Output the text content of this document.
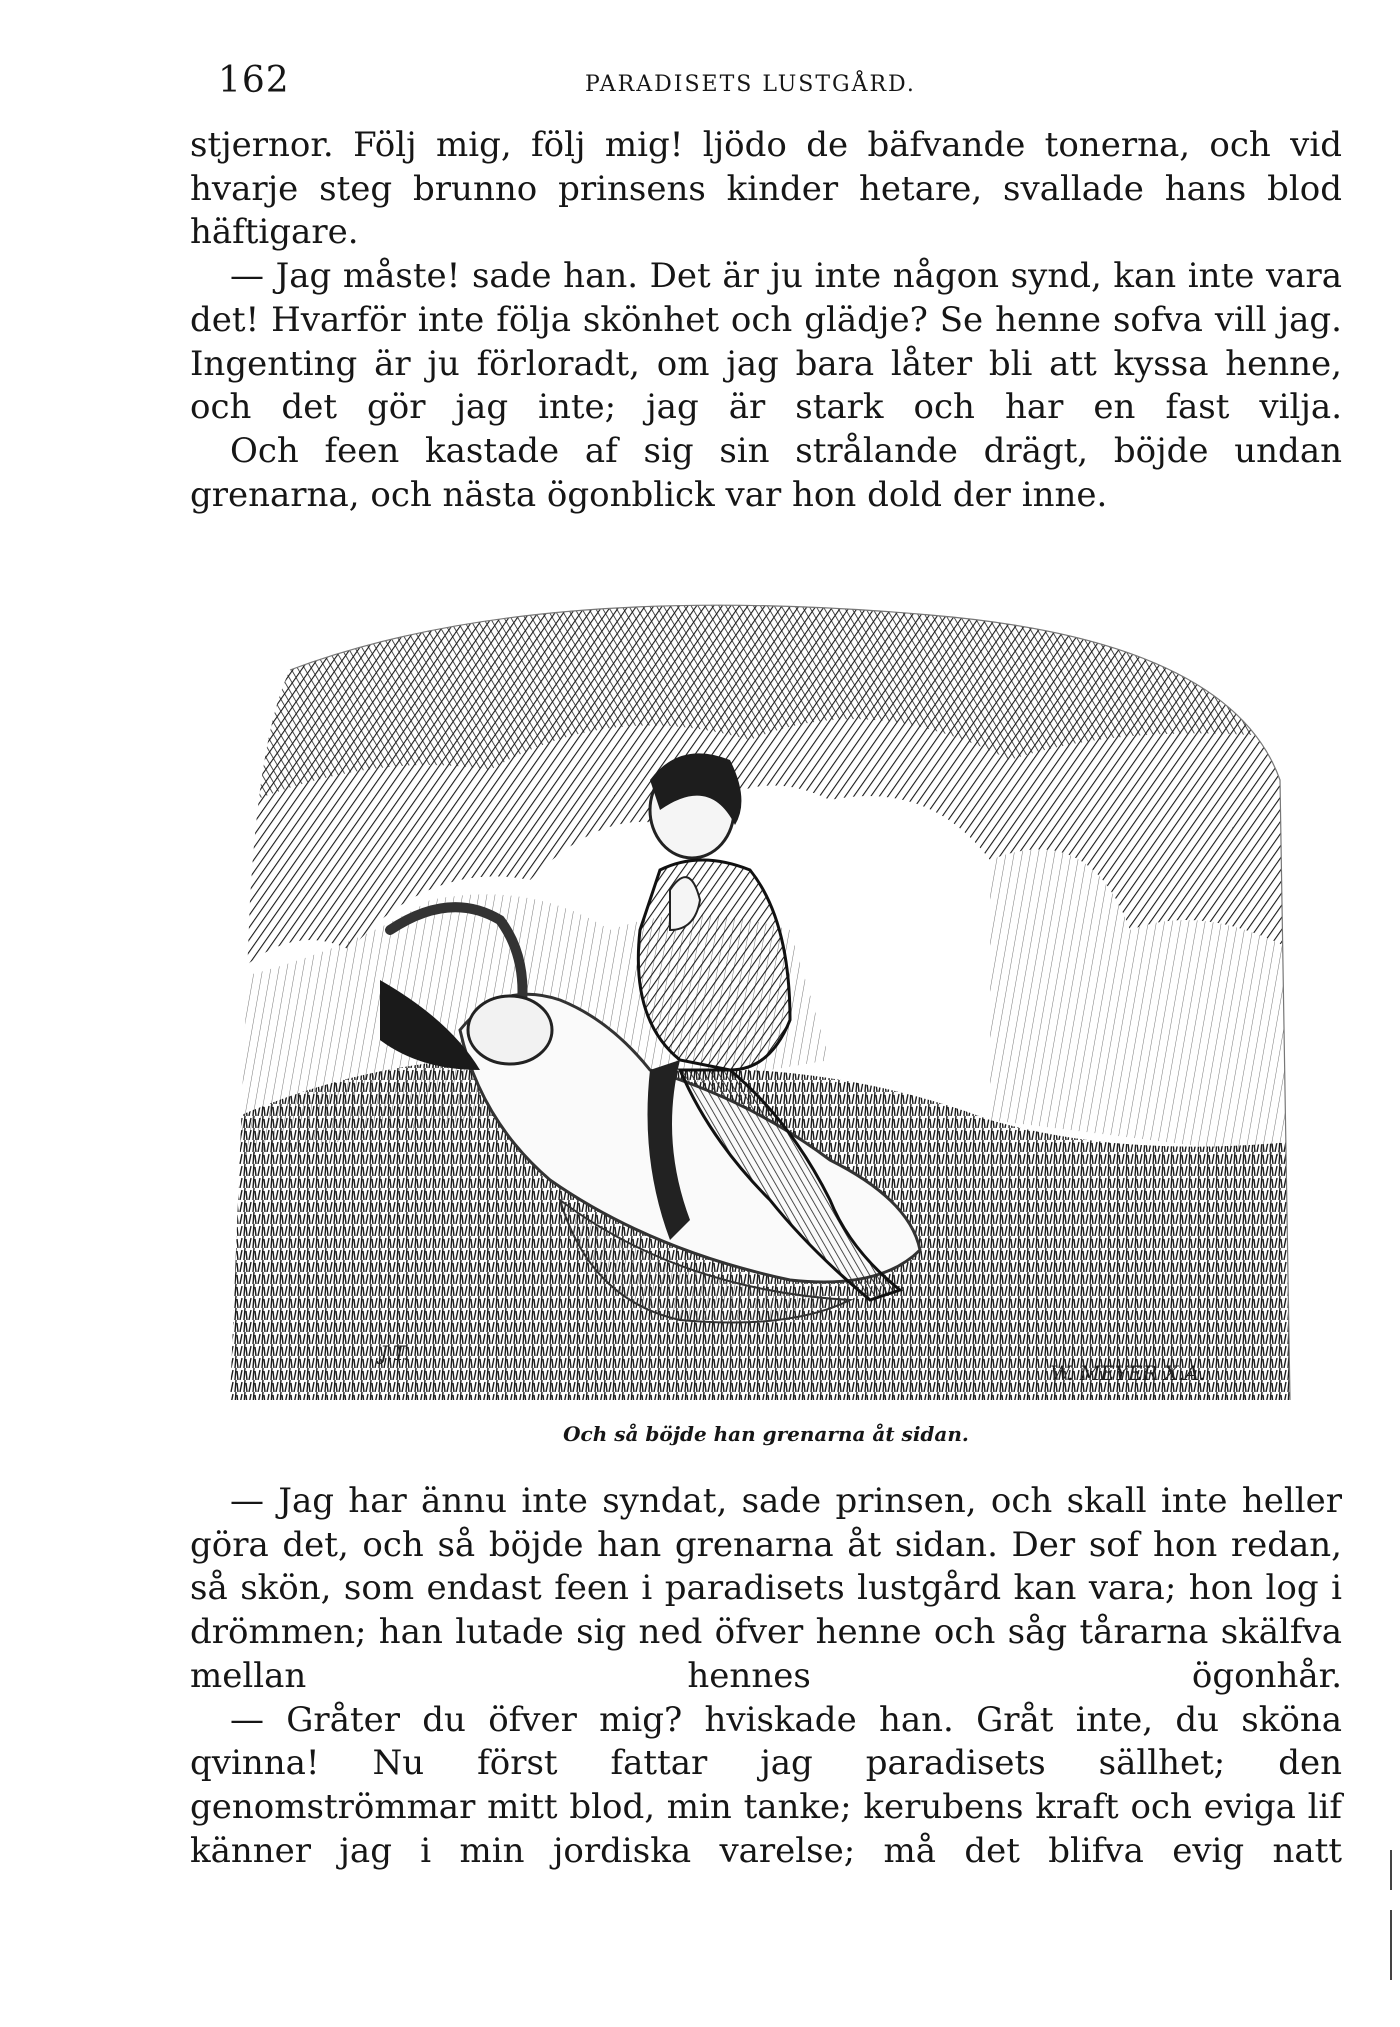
162	PARADISETS LUSTGÅRD.

stjernor. Följ mig, följ mig! ljödo de bäfvande tonerna, och vid hvarje steg brunno prinsens kinder hetare, svallade hans blod häftigare.

— Jag måste! sade han. Det är ju inte någon synd, kan inte vara det! Hvarför inte följa skönhet och glädje? Se henne sofva vill jag. Ingenting är ju förloradt, om jag bara låter bli att kyssa henne, och det gör jag inte; jag är stark och har en fast vilja.

Och feen kastade af sig sin strålande drägt, böjde undan grenarna, och nästa ögonblick var hon dold der inne.

J.T.
W. MEYER X.A.
Och så böjde han grenarna åt sidan.

— Jag har ännu inte syndat, sade prinsen, och skall inte heller göra det, och så böjde han grenarna åt sidan. Der sof hon redan, så skön, som endast feen i paradisets lustgård kan vara; hon log i drömmen; han lutade sig ned öfver henne och såg tårarna skälfva mellan hennes ögonhår.

— Gråter du öfver mig? hviskade han. Gråt inte, du sköna qvinna! Nu först fattar jag paradisets sällhet; den genomströmmar mitt blod, min tanke; kerubens kraft och eviga lif känner jag i min jordiska varelse; må det blifva evig natt
